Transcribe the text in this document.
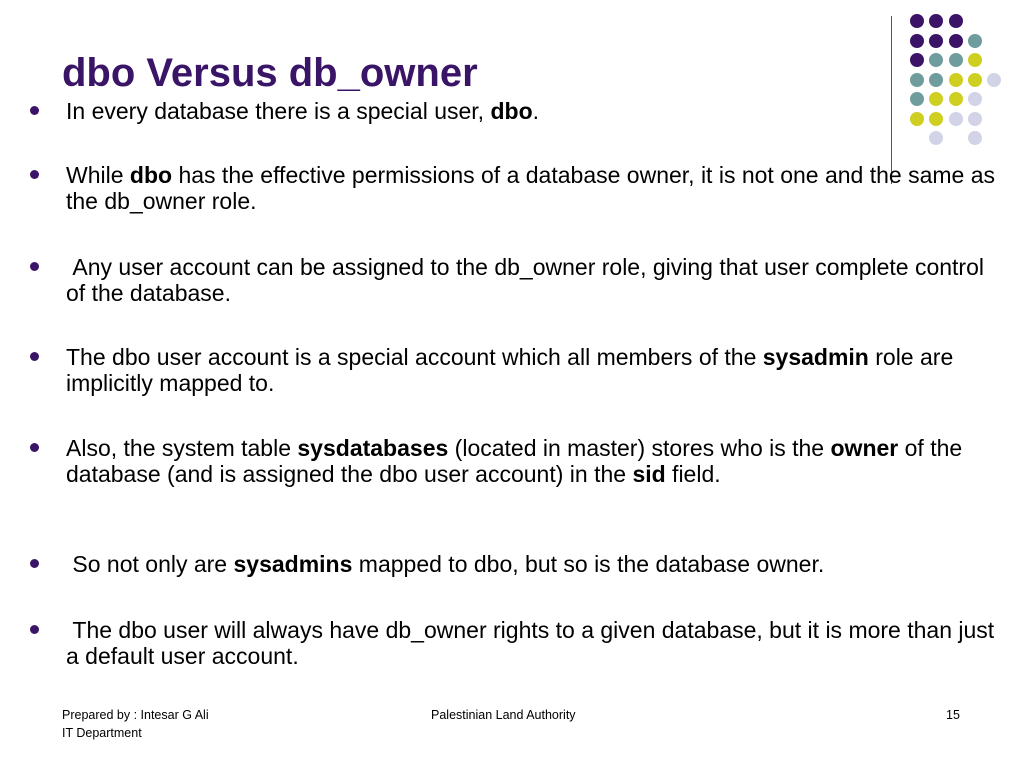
dbo Versus db_owner
In every database there is a special user, dbo.
While dbo has the effective permissions of a database owner, it is not one and the same as the db_owner role.
Any user account can be assigned to the db_owner role, giving that user complete control of the database.
The dbo user account is a special account which all members of the sysadmin role are implicitly mapped to.
Also, the system table sysdatabases (located in master) stores who is the owner of the database (and is assigned the dbo user account) in the sid field.
So not only are sysadmins mapped to dbo, but so is the database owner.
The dbo user will always have db_owner rights to a given database, but it is more than just a default user account.
Prepared by : Intesar G Ali
IT Department
Palestinian Land Authority	15
